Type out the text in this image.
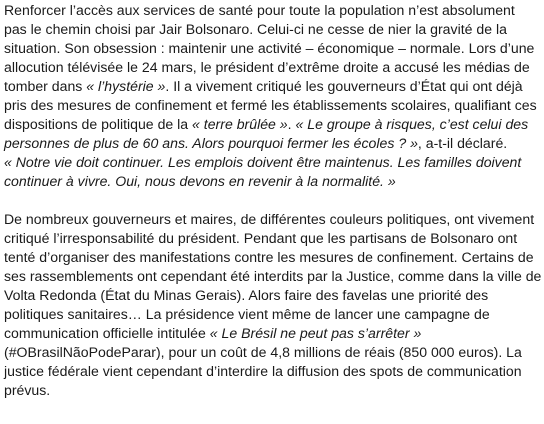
Renforcer l’accès aux services de santé pour toute la population n’est absolument
pas le chemin choisi par Jair Bolsonaro. Celui-ci ne cesse de nier la gravité de la
situation. Son obsession : maintenir une activité – économique – normale. Lors d’une
allocution télévisée le 24 mars, le président d’extrême droite a accusé les médias de
tomber dans « l’hystérie ». Il a vivement critiqué les gouverneurs d’État qui ont déjà
pris des mesures de confinement et fermé les établissements scolaires, qualifiant ces
dispositions de politique de la « terre brûlée ». « Le groupe à risques, c’est celui des
personnes de plus de 60 ans. Alors pourquoi fermer les écoles ? », a-t-il déclaré.
« Notre vie doit continuer. Les emplois doivent être maintenus. Les familles doivent
continuer à vivre. Oui, nous devons en revenir à la normalité. »

De nombreux gouverneurs et maires, de différentes couleurs politiques, ont vivement
critiqué l’irresponsabilité du président. Pendant que les partisans de Bolsonaro ont
tenté d’organiser des manifestations contre les mesures de confinement. Certains de
ses rassemblements ont cependant été interdits par la Justice, comme dans la ville de
Volta Redonda (État du Minas Gerais). Alors faire des favelas une priorité des
politiques sanitaires… La présidence vient même de lancer une campagne de
communication officielle intitulée « Le Brésil ne peut pas s’arrêter »
(#OBrasilNãoPodeParar), pour un coût de 4,8 millions de réais (850 000 euros). La
justice fédérale vient cependant d’interdire la diffusion des spots de communication
prévus.
